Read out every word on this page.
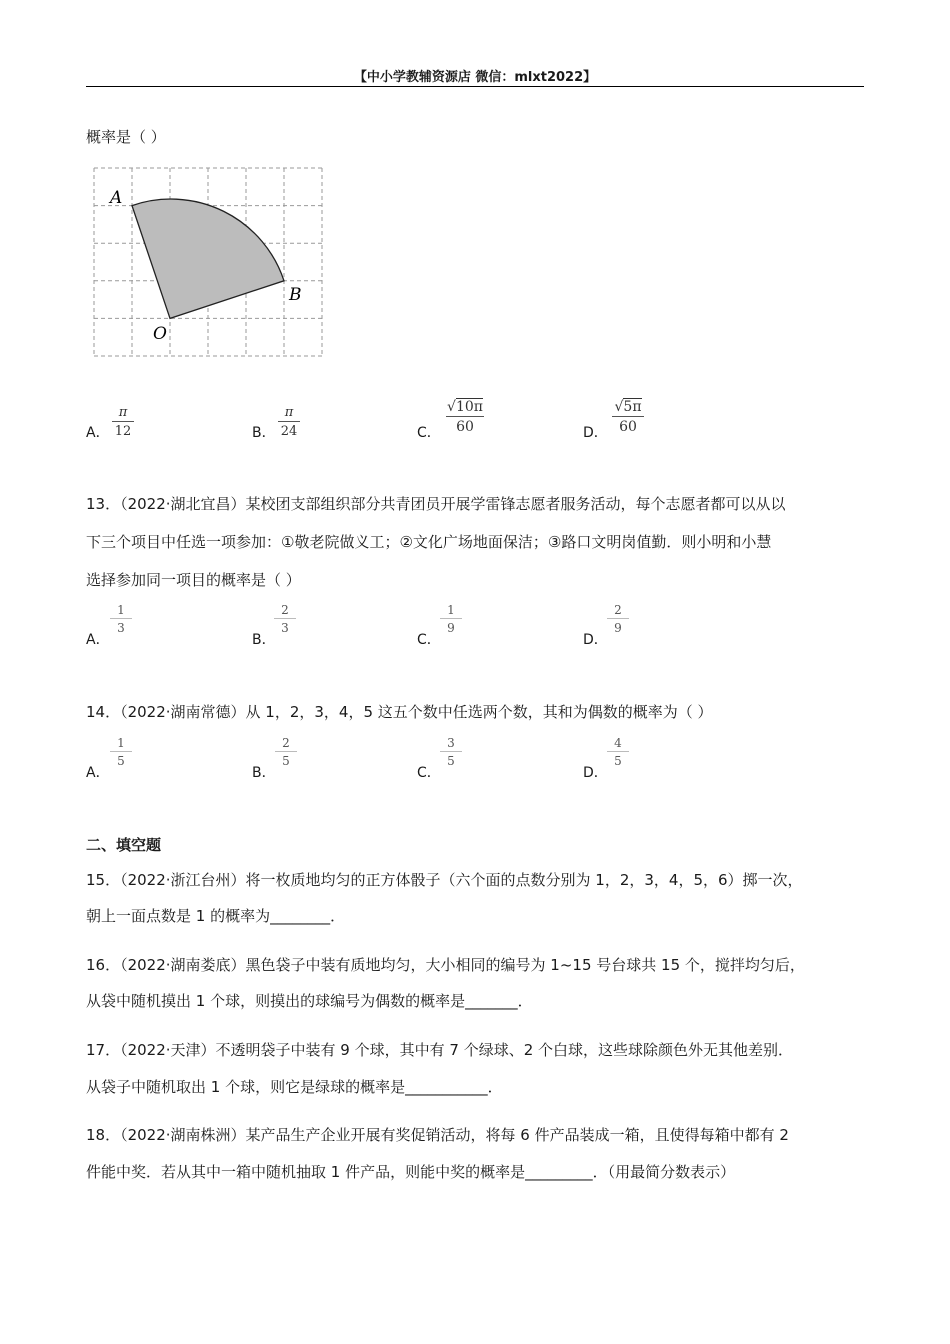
【中小学教辅资源店 微信：mlxt2022】
概率是（ ）
A
B
O
A．
π
12	B．
π
24	C．
√10π
60	D．
√5π
60
13．（2022·湖北宜昌）某校团支部组织部分共青团员开展学雷锋志愿者服务活动，每个志愿者都可以从以
下三个项目中任选一项参加：①敬老院做义工；②文化广场地面保洁；③路口文明岗值勤．则小明和小慧
选择参加同一项目的概率是（ ）
A．
1
3
B．
2
3
C．
1
9
D．
2
9
14．（2022·湖南常德）从 1，2，3，4，5 这五个数中任选两个数，其和为偶数的概率为（ ）
A．
1
5
B．
2
5
C．
3
5
D．
4
5
二、填空题
15．（2022·浙江台州）将一枚质地均匀的正方体骰子（六个面的点数分别为 1，2，3，4，5，6）掷一次，
朝上一面点数是 1 的概率为________．
16．（2022·湖南娄底）黑色袋子中装有质地均匀，大小相同的编号为 1~15 号台球共 15 个，搅拌均匀后，
从袋中随机摸出 1 个球，则摸出的球编号为偶数的概率是_______．
17．（2022·天津）不透明袋子中装有 9 个球，其中有 7 个绿球、2 个白球，这些球除颜色外无其他差别．
从袋子中随机取出 1 个球，则它是绿球的概率是___________．
18．（2022·湖南株洲）某产品生产企业开展有奖促销活动，将每 6 件产品装成一箱，且使得每箱中都有 2
件能中奖．若从其中一箱中随机抽取 1 件产品，则能中奖的概率是_________．（用最简分数表示）
